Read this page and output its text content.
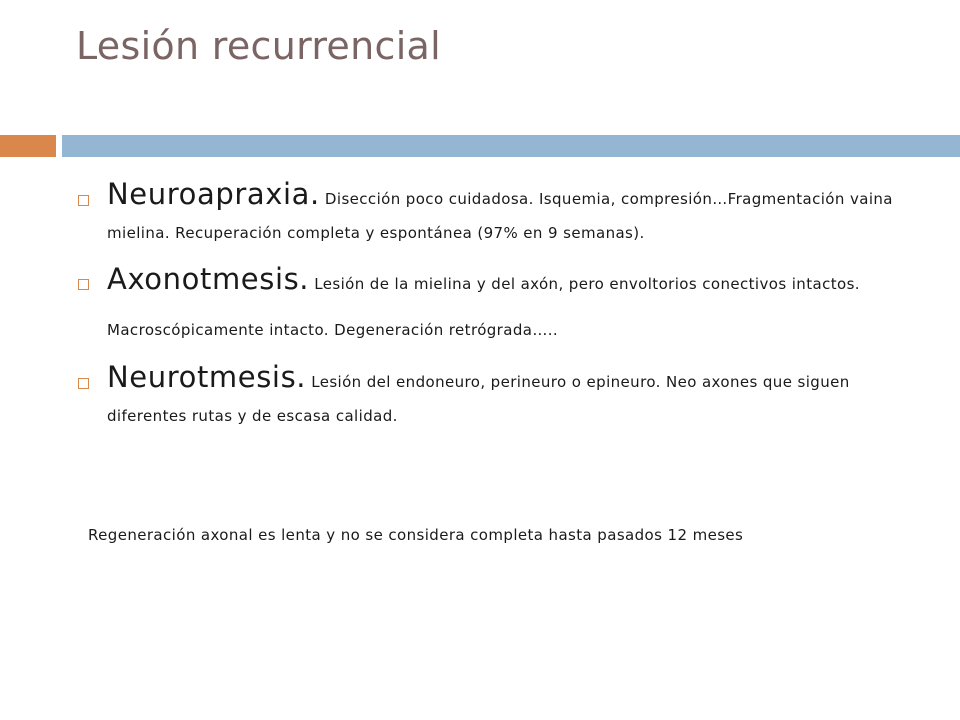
Lesión recurrencial
Neuroapraxia. Disección poco cuidadosa. Isquemia, compresión…Fragmentación vaina mielina. Recuperación completa y espontánea (97% en 9 semanas).
Axonotmesis. Lesión de la mielina y del axón, pero envoltorios conectivos intactos. Macroscópicamente intacto. Degeneración retrógrada…..
Neurotmesis. Lesión del endoneuro, perineuro o epineuro. Neo axones que siguen diferentes rutas y de escasa calidad.
Regeneración axonal es lenta y no se considera completa hasta pasados 12 meses
